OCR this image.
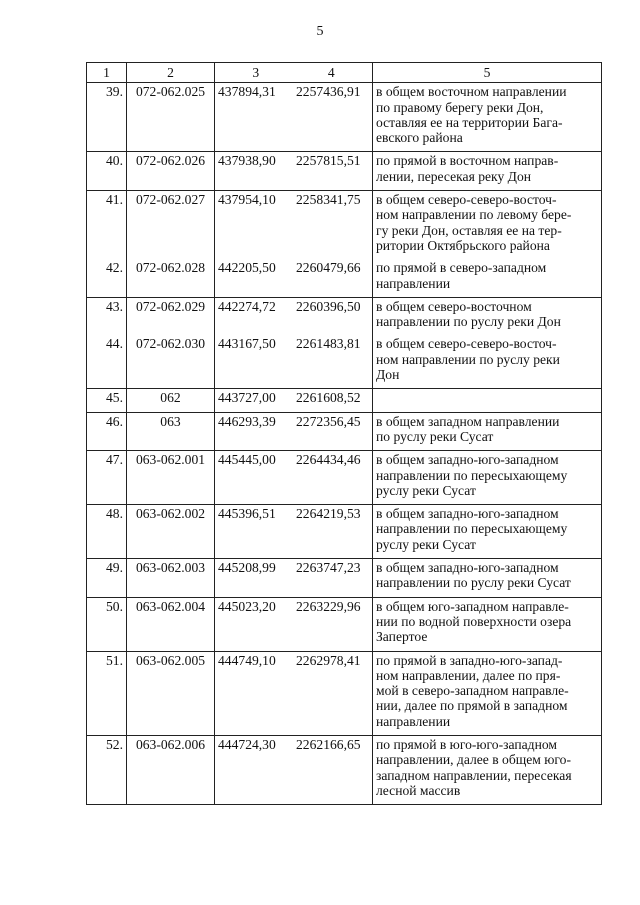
5
1	2	3 4	5
39.	072-062.025	437894,31 2257436,91	в общем восточном направлении
по правому берегу реки Дон,
оставляя ее на территории Бага-
евского района

40.	072-062.026	437938,90 2257815,51	по прямой в восточном направ-
лении, пересекая реку Дон

41.	072-062.027	437954,10 2258341,75	в общем северо-северо-восточ-
ном направлении по левому бере-
гу реки Дон, оставляя ее на тер-
ритории Октябрьского района

42.	072-062.028	442205,50 2260479,66	по прямой в северо-западном
направлении

43.	072-062.029	442274,72 2260396,50	в общем северо-восточном
направлении по руслу реки Дон

44.	072-062.030	443167,50 2261483,81	в общем северо-северо-восточ-
ном направлении по руслу реки
Дон

45.	062	443727,00 2261608,52	
46.	063	446293,39 2272356,45	в общем западном направлении
по руслу реки Сусат

47.	063-062.001	445445,00 2264434,46	в общем западно-юго-западном
направлении по пересыхающему
руслу реки Сусат

48.	063-062.002	445396,51 2264219,53	в общем западно-юго-западном
направлении по пересыхающему
руслу реки Сусат

49.	063-062.003	445208,99 2263747,23	в общем западно-юго-западном
направлении по руслу реки Сусат

50.	063-062.004	445023,20 2263229,96	в общем юго-западном направле-
нии по водной поверхности озера
Запертое

51.	063-062.005	444749,10 2262978,41	по прямой в западно-юго-запад-
ном направлении, далее по пря-
мой в северо-западном направле-
нии, далее по прямой в западном
направлении

52.	063-062.006	444724,30 2262166,65	по прямой в юго-юго-западном
направлении, далее в общем юго-
западном направлении, пересекая
лесной массив
